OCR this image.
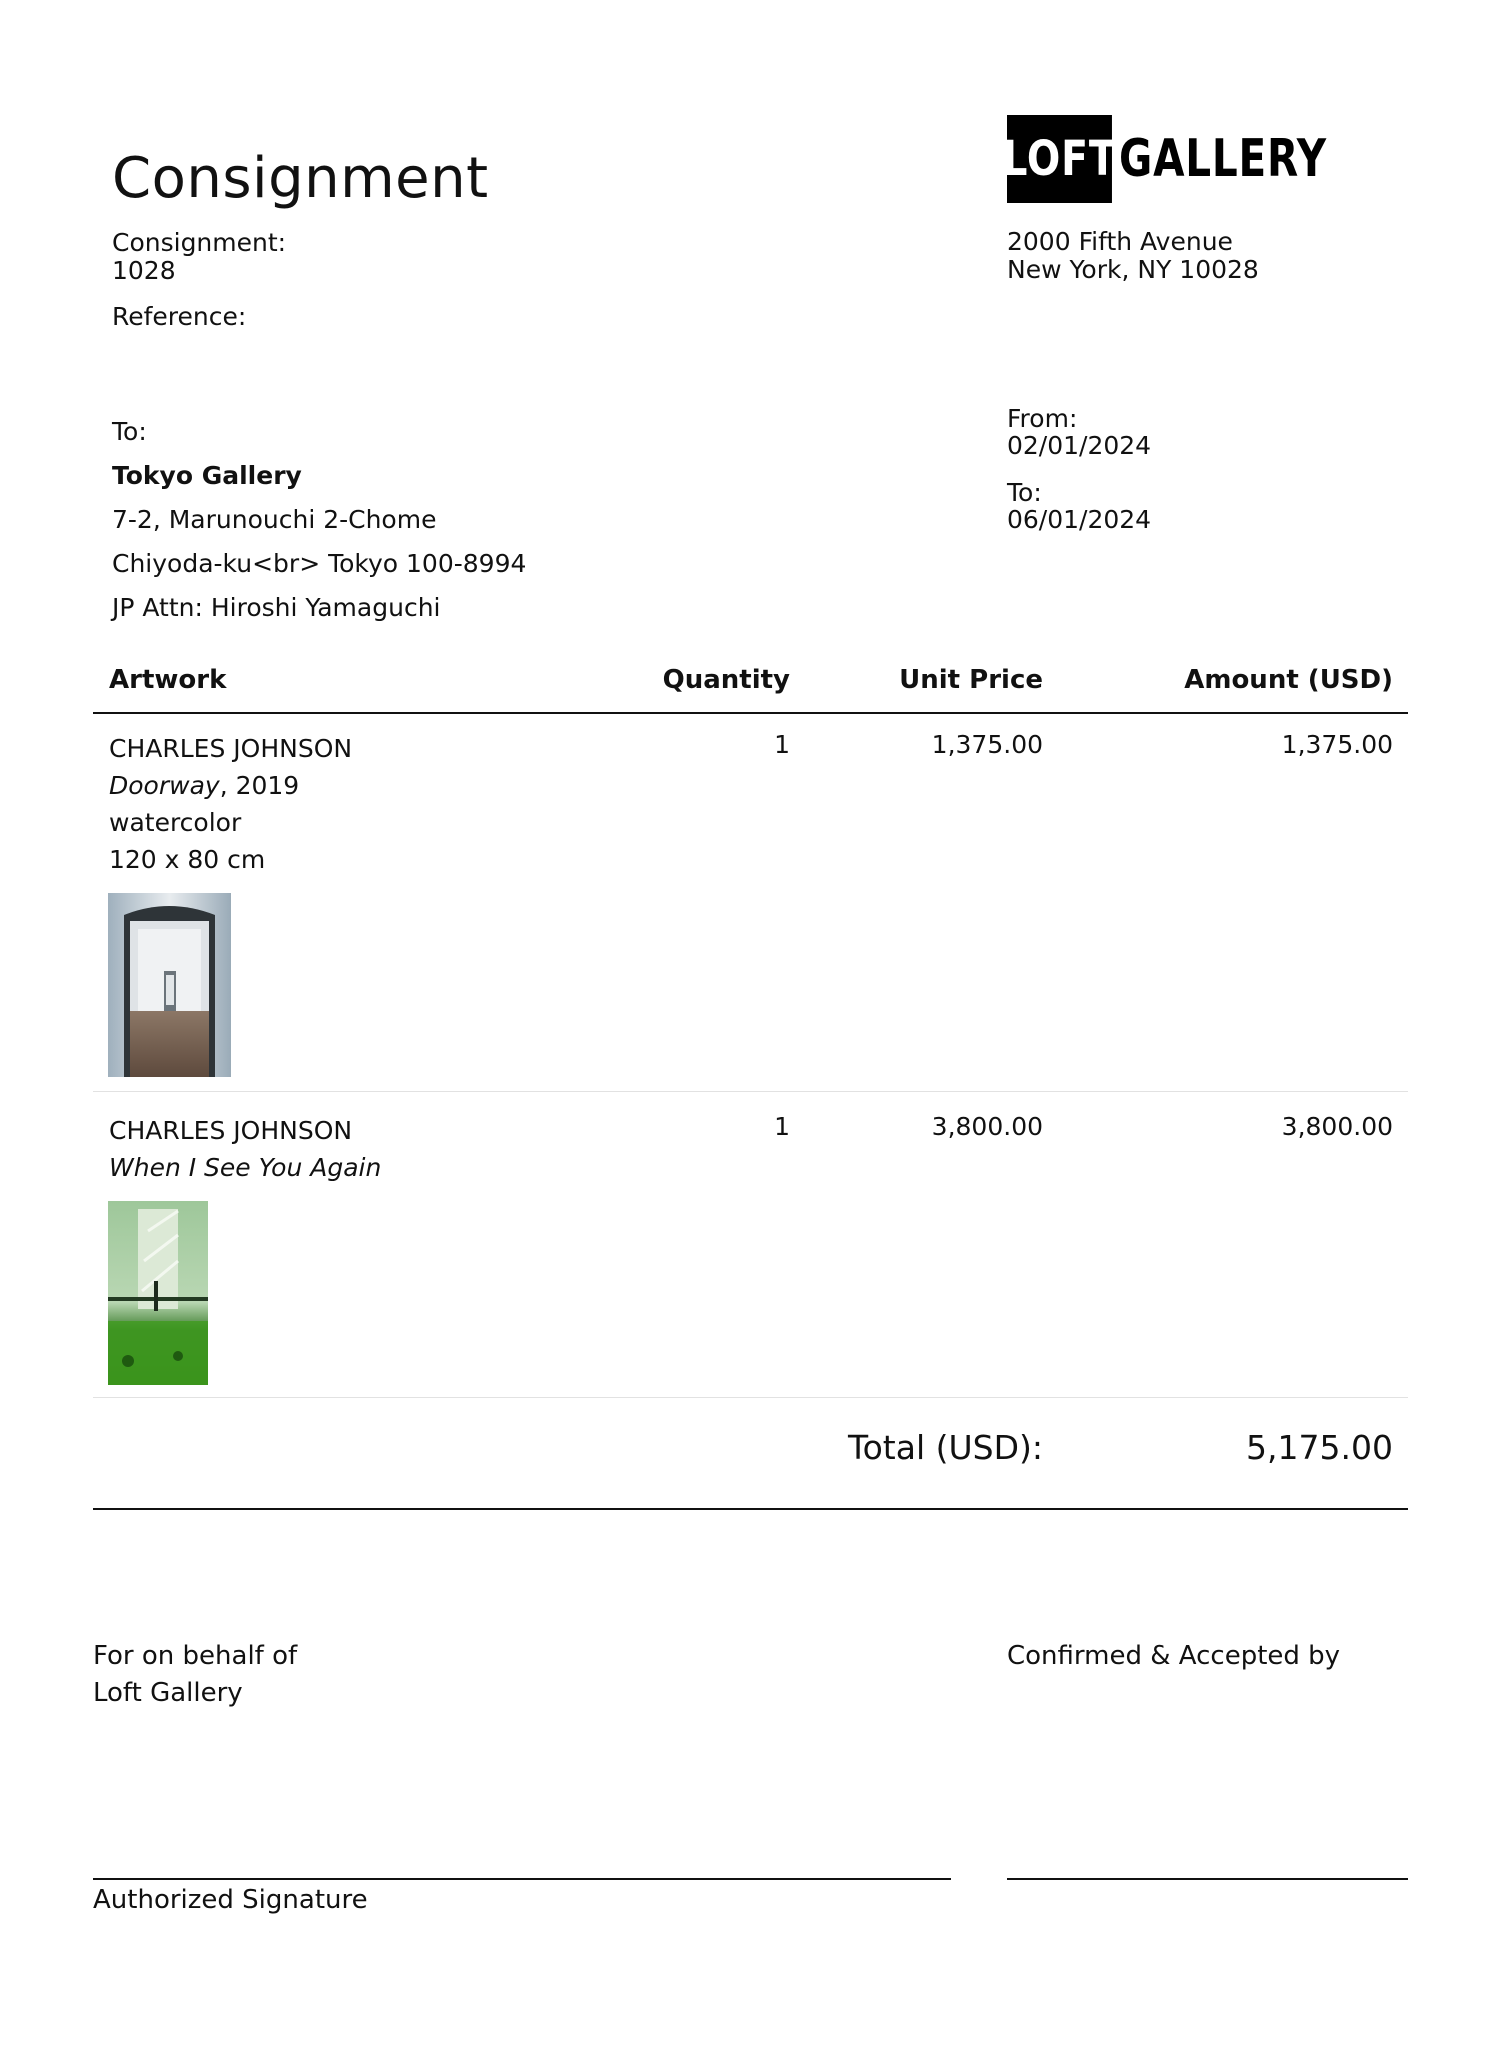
Consignment
Consignment:
1028
Reference:
LOFT GALLERY
2000 Fifth Avenue
New York, NY 10028
To:
Tokyo Gallery
7-2, Marunouchi 2-Chome
Chiyoda-ku<br> Tokyo 100-8994
JP Attn: Hiroshi Yamaguchi
From:
02/01/2024
To:
06/01/2024
Artwork	Quantity	Unit Price	Amount (USD)
CHARLES JOHNSON
Doorway, 2019
watercolor
120 x 80 cm
1	1,375.00	1,375.00
CHARLES JOHNSON
When I See You Again
1	3,800.00	3,800.00
Total (USD):	5,175.00
For on behalf of
Loft Gallery
Confirmed & Accepted by
Authorized Signature
